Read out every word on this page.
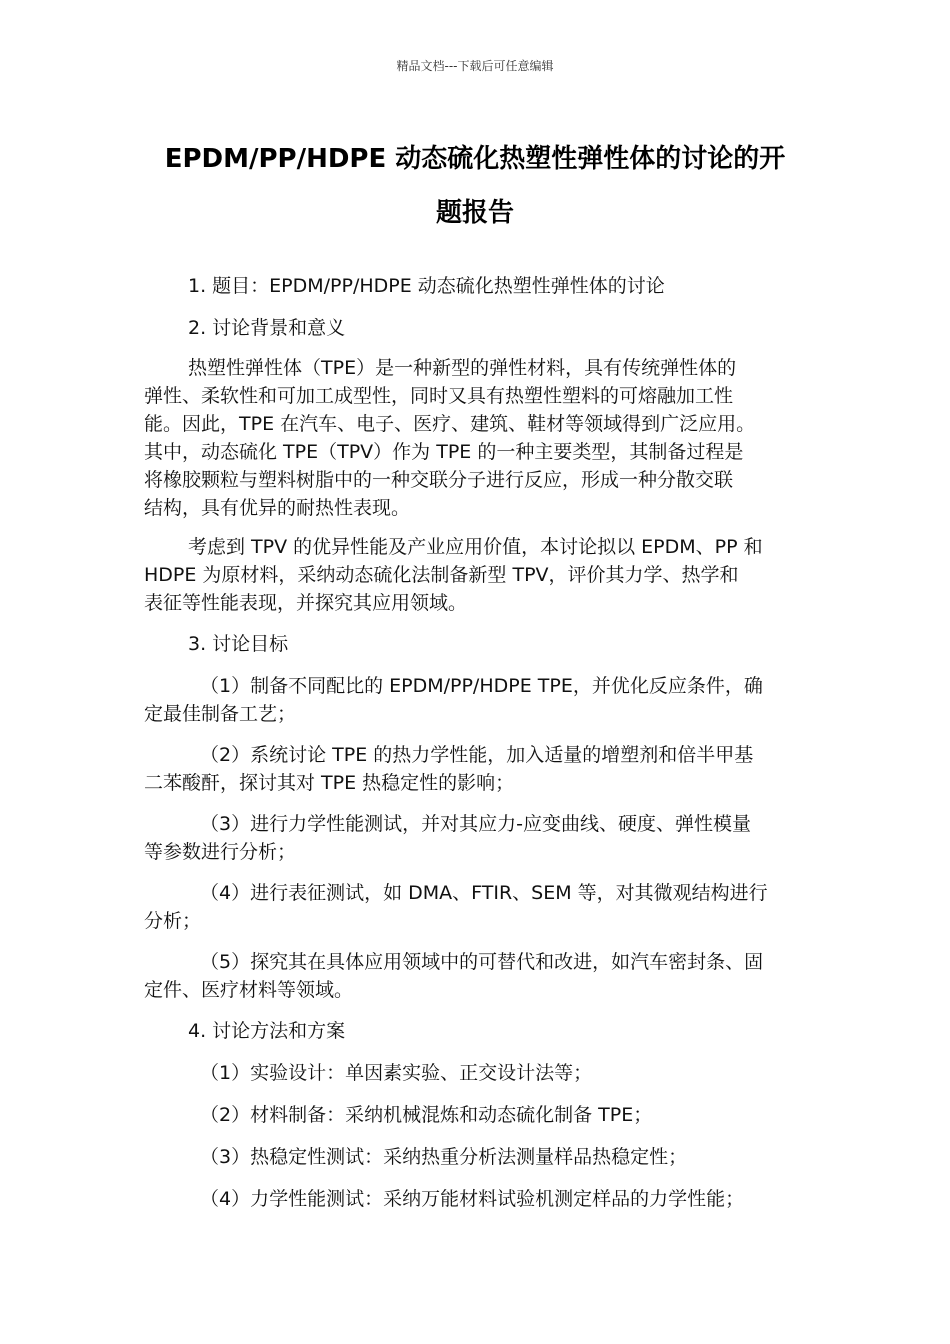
精品文档---下载后可任意编辑
EPDM/PP/HDPE 动态硫化热塑性弹性体的讨论的开
题报告
1. 题目：EPDM/PP/HDPE 动态硫化热塑性弹性体的讨论
2. 讨论背景和意义
热塑性弹性体（TPE）是一种新型的弹性材料，具有传统弹性体的
弹性、柔软性和可加工成型性，同时又具有热塑性塑料的可熔融加工性
能。因此，TPE 在汽车、电子、医疗、建筑、鞋材等领域得到广泛应用。
其中，动态硫化 TPE（TPV）作为 TPE 的一种主要类型，其制备过程是
将橡胶颗粒与塑料树脂中的一种交联分子进行反应，形成一种分散交联
结构，具有优异的耐热性表现。
考虑到 TPV 的优异性能及产业应用价值，本讨论拟以 EPDM、PP 和
HDPE 为原材料，采纳动态硫化法制备新型 TPV，评价其力学、热学和
表征等性能表现，并探究其应用领域。
3. 讨论目标
（1）制备不同配比的 EPDM/PP/HDPE TPE，并优化反应条件，确
定最佳制备工艺；
（2）系统讨论 TPE 的热力学性能，加入适量的增塑剂和倍半甲基
二苯酸酐，探讨其对 TPE 热稳定性的影响；
（3）进行力学性能测试，并对其应力-应变曲线、硬度、弹性模量
等参数进行分析；
（4）进行表征测试，如 DMA、FTIR、SEM 等，对其微观结构进行
分析；
（5）探究其在具体应用领域中的可替代和改进，如汽车密封条、固
定件、医疗材料等领域。
4. 讨论方法和方案
（1）实验设计：单因素实验、正交设计法等；
（2）材料制备：采纳机械混炼和动态硫化制备 TPE；
（3）热稳定性测试：采纳热重分析法测量样品热稳定性；
（4）力学性能测试：采纳万能材料试验机测定样品的力学性能；
